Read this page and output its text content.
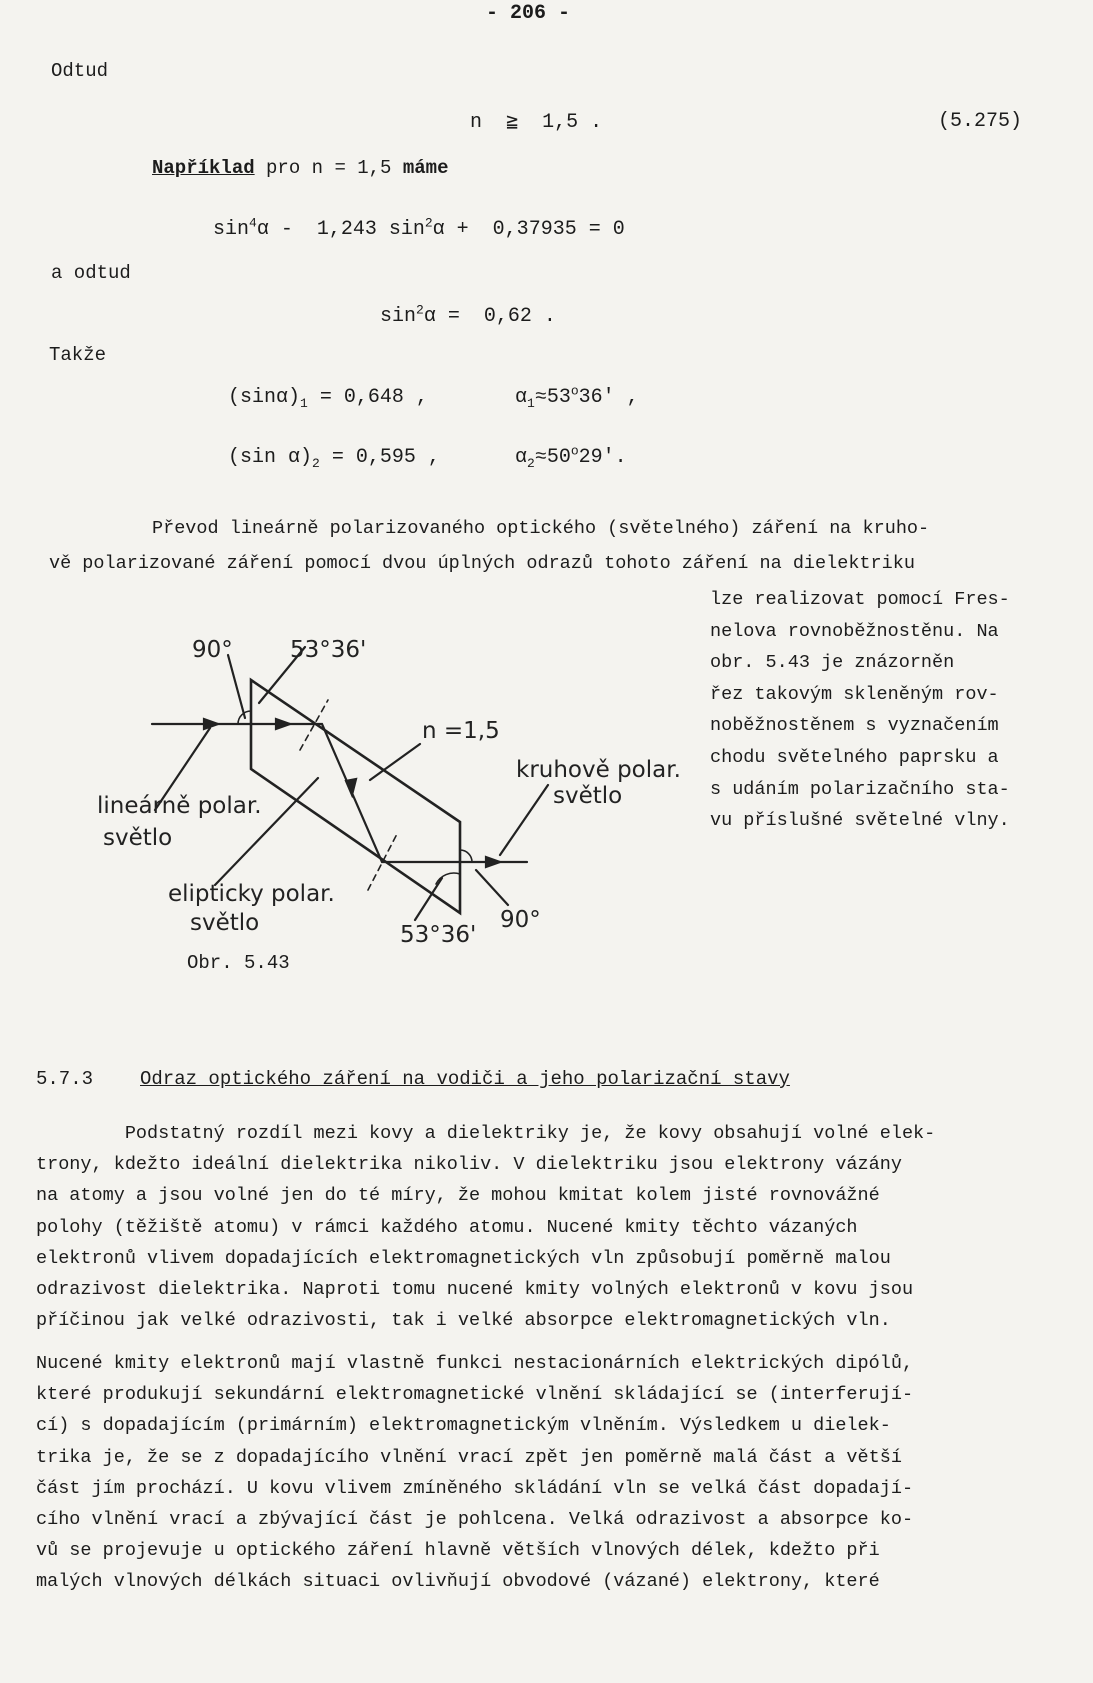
- 206 -
Odtud
n ≧ 1,5 .	(5.275)
Například pro n = 1,5 máme
$\sin^4\alpha - 1,243$ $\sin^2\alpha + 0,37935 = 0$
a odtud
$\sin^2\alpha = 0,62$ .
Takže
$(\sin\alpha)_1 = 0,648$ ,	$\alpha_1\approx 53^o36'$ ,
(sin $\alpha)_2 = 0,595$ ,	$\alpha_2\approx 50^o29'$.
Převod lineárně polarizovaného optického (světelného) záření na kruho-
vě polarizované záření pomocí dvou úplných odrazů tohoto záření na dielektriku

lze realizovat pomocí Fres-

nelova rovnoběžnostěnu. Na

obr. 5.43 je znázorněn

řez takovým skleněným rov-

noběžnostěnem s vyznačením

chodu světelného paprsku a

s udáním polarizačního sta-

vu příslušné světelné vlny.

90° 53°36'
n =1,5
lineárně polar.
světlo
kruhově polar.
světlo
elipticky polar.
světlo	53°36'
90°
Obr. 5.43
5.7.3 Odraz optického záření na vodiči a jeho polarizační stavy

Podstatný rozdíl mezi kovy a dielektriky je, že kovy obsahují volné elek-

trony, kdežto ideální dielektrika nikoliv. V dielektriku jsou elektrony vázány

na atomy a jsou volné jen do té míry, že mohou kmitat kolem jisté rovnovážné

polohy (těžiště atomu) v rámci každého atomu. Nucené kmity těchto vázaných

elektronů vlivem dopadajících elektromagnetických vln způsobují poměrně malou

odrazivost dielektrika. Naproti tomu nucené kmity volných elektronů v kovu jsou

příčinou jak velké odrazivosti, tak i velké absorpce elektromagnetických vln.

Nucené kmity elektronů mají vlastně funkci nestacionárních elektrických dipólů,

které produkují sekundární elektromagnetické vlnění skládající se (interferují-

cí) s dopadajícím (primárním) elektromagnetickým vlněním. Výsledkem u dielek-

trika je, že se z dopadajícího vlnění vrací zpět jen poměrně malá část a větší

část jím prochází. U kovu vlivem zmíněného skládání vln se velká část dopadají-

cího vlnění vrací a zbývající část je pohlcena. Velká odrazivost a absorpce ko-

vů se projevuje u optického záření hlavně větších vlnových délek, kdežto při

malých vlnových délkách situaci ovlivňují obvodové (vázané) elektrony, které
